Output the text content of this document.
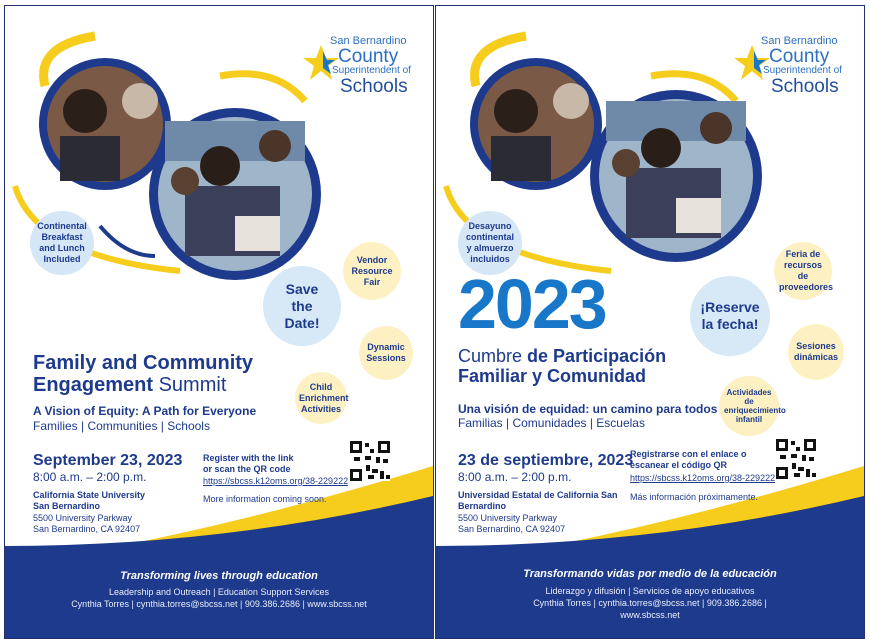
San Bernardino
County
Superintendent of
Schools
Continental Breakfast and Lunch Included
Save the Date!
Vendor Resource Fair
Dynamic Sessions
Child Enrichment Activities
Family and Community
Engagement Summit
A Vision of Equity: A Path for Everyone
Families | Communities | Schools
September 23, 2023
8:00 a.m. – 2:00 p.m.
California State University
San Bernardino
5500 University Parkway
San Bernardino, CA 92407
Register with the link
or scan the QR code
https://sbcss.k12oms.org/38-229222
More information coming soon.
Transforming lives through education
Leadership and Outreach | Education Support Services
Cynthia Torres | cynthia.torres@sbcss.net | 909.386.2686 | www.sbcss.net
San Bernardino
County
Superintendent of
Schools
Desayuno continental y almuerzo incluidos
¡Reserve la fecha!
Feria de recursos de proveedores
Sesiones dinámicas
Actividades de enriquecimiento infantil
2023
Cumbre de Participación
Familiar y Comunidad
Una visión de equidad: un camino para todos
Familias | Comunidades | Escuelas
23 de septiembre, 2023
8:00 a.m. – 2:00 p.m.
Universidad Estatal de California San
Bernardino
5500 University Parkway
San Bernardino, CA 92407
Registrarse con el enlace o
escanear el código QR
https://sbcss.k12oms.org/38-229222
Más información próximamente.
Transformando vidas por medio de la educación
Liderazgo y difusión | Servicios de apoyo educativos
Cynthia Torres | cynthia.torres@sbcss.net | 909.386.2686 |
www.sbcss.net
